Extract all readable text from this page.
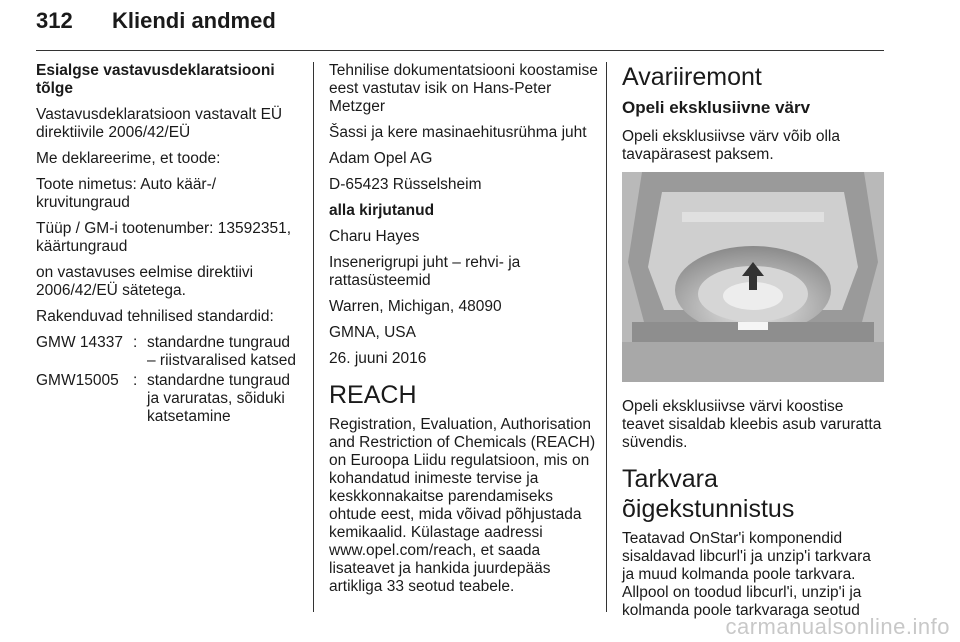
312 Kliendi andmed

Esialgse vastavusdeklaratsiooni tõlge

Vastavusdeklaratsioon vastavalt EÜ direktiivile 2006/42/EÜ

Me deklareerime, et toode:

Toote nimetus: Auto käär-/ kruvitungraud

Tüüp / GM-i tootenumber: 13592351, käärtungraud

on vastavuses eelmise direktiivi 2006/42/EÜ sätetega.

Rakenduvad tehnilised standardid:

GMW 14337 : standardne tungraud – riistvaralised katsed
GMW15005 : standardne tungraud ja varuratas, sõiduki katsetamine

Tehnilise dokumentatsiooni koostamise eest vastutav isik on Hans-Peter Metzger

Šassi ja kere masinaehitusrühma juht

Adam Opel AG

D-65423 Rüsselsheim

alla kirjutanud

Charu Hayes

Insenerigrupi juht – rehvi- ja rattasüsteemid

Warren, Michigan, 48090

GMNA, USA

26. juuni 2016

REACH

Registration, Evaluation, Authorisation and Restriction of Chemicals (REACH) on Euroopa Liidu regulatsioon, mis on kohandatud inimeste tervise ja keskkonnakaitse parendamiseks ohtude eest, mida võivad põhjustada kemikaalid. Külastage aadressi www.opel.com/reach, et saada lisateavet ja hankida juurdepääs artikliga 33 seotud teabele.

Avariiremont
Opeli eksklusiivne värv

Opeli eksklusiivse värv võib olla tavapärasest paksem.

Opeli eksklusiivse värvi koostise teavet sisaldab kleebis asub varuratta süvendis.

Tarkvara õigekstunnistus

Teatavad OnStar'i komponendid sisaldavad libcurl'i ja unzip'i tarkvara ja muud kolmanda poole tarkvara. Allpool on toodud libcurl'i, unzip'i ja kolmanda poole tarkvaraga seotud

carmanualsonline.info
